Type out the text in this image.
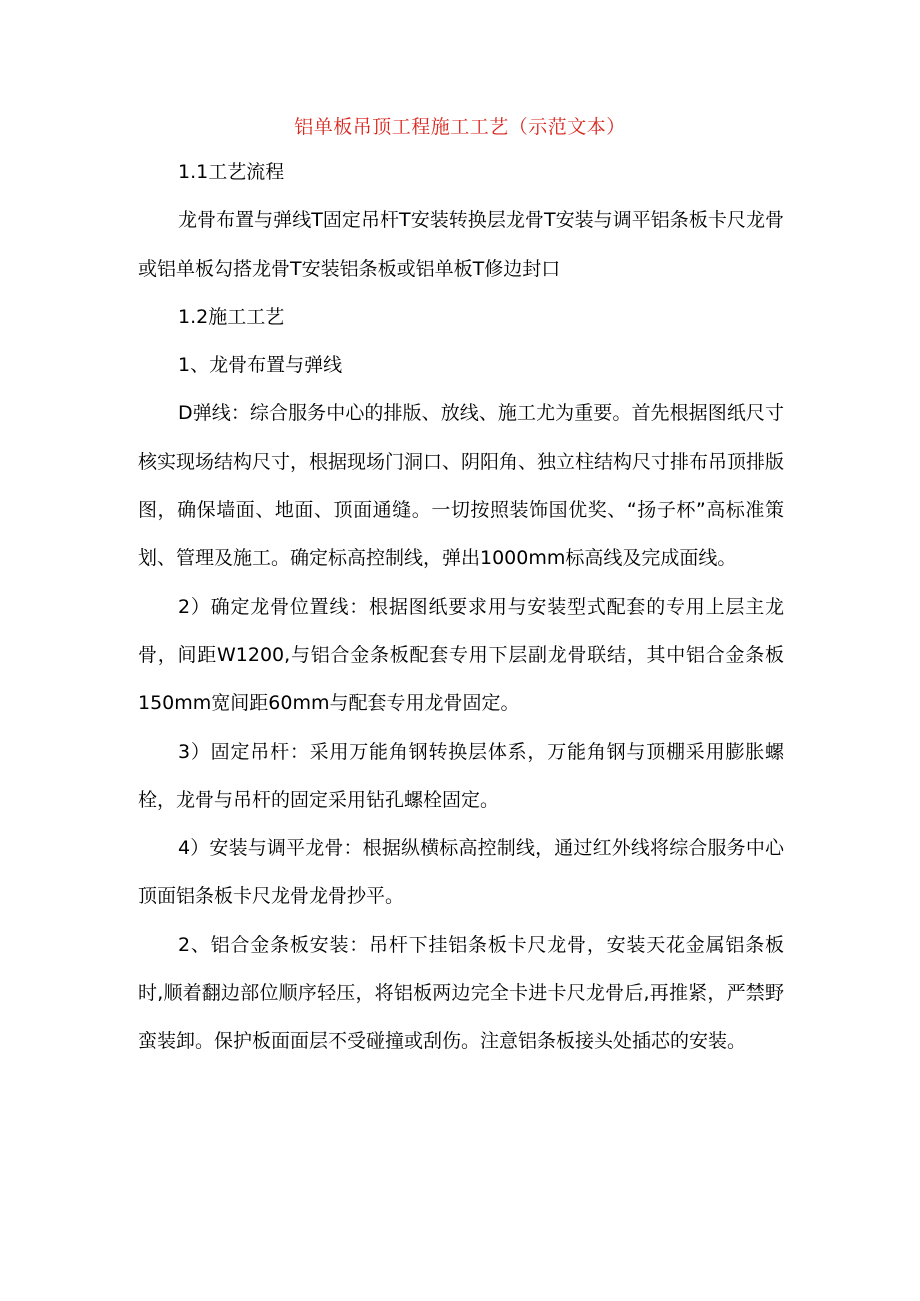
铝单板吊顶工程施工工艺（示范文本）

1.1工艺流程

龙骨布置与弹线T固定吊杆T安装转换层龙骨T安装与调平铝条板卡尺龙骨或铝单板勾搭龙骨T安装铝条板或铝单板T修边封口

1.2施工工艺

1、龙骨布置与弹线

D弹线：综合服务中心的排版、放线、施工尤为重要。首先根据图纸尺寸核实现场结构尺寸，根据现场门洞口、阴阳角、独立柱结构尺寸排布吊顶排版图，确保墙面、地面、顶面通缝。一切按照装饰国优奖、“扬子杯”高标准策划、管理及施工。确定标高控制线，弹出1000mm标高线及完成面线。

2）确定龙骨位置线：根据图纸要求用与安装型式配套的专用上层主龙骨，间距W1200,与铝合金条板配套专用下层副龙骨联结，其中铝合金条板150mm宽间距60mm与配套专用龙骨固定。

3）固定吊杆：采用万能角钢转换层体系，万能角钢与顶棚采用膨胀螺栓，龙骨与吊杆的固定采用钻孔螺栓固定。

4）安装与调平龙骨：根据纵横标高控制线，通过红外线将综合服务中心顶面铝条板卡尺龙骨龙骨抄平。

2、铝合金条板安装：吊杆下挂铝条板卡尺龙骨，安装天花金属铝条板时,顺着翻边部位顺序轻压，将铝板两边完全卡进卡尺龙骨后,再推紧，严禁野蛮装卸。保护板面面层不受碰撞或刮伤。注意铝条板接头处插芯的安装。
